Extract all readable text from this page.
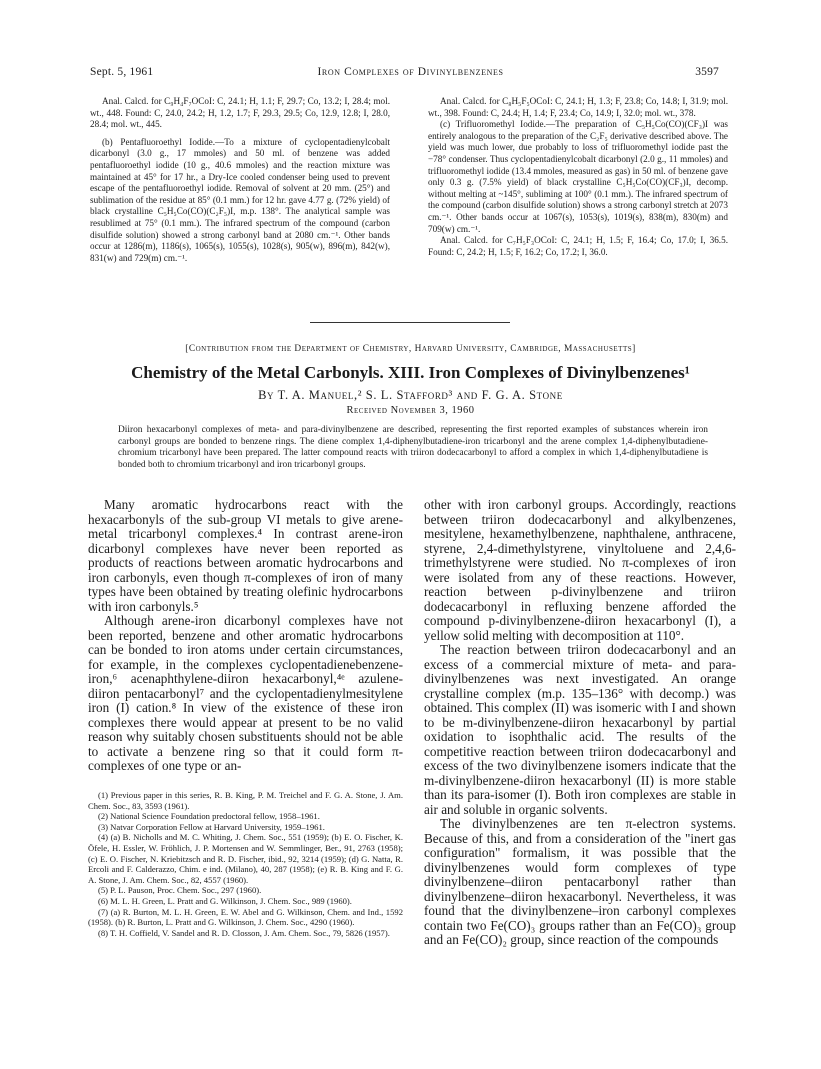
Sept. 5, 1961	Iron Complexes of Divinylbenzenes	3597

Anal. Calcd. for C₉H₄F₇OCoI: C, 24.1; H, 1.1; F, 29.7; Co, 13.2; I, 28.4; mol. wt., 448. Found: C, 24.0, 24.2; H, 1.2, 1.7; F, 29.3, 29.5; Co, 12.9, 12.8; I, 28.0, 28.4; mol. wt., 445.

(b) Pentafluoroethyl Iodide.—To a mixture of cyclopentadienylcobalt dicarbonyl (3.0 g., 17 mmoles) and 50 ml. of benzene was added pentafluoroethyl iodide (10 g., 40.6 mmoles) and the reaction mixture was maintained at 45° for 17 hr., a Dry-Ice cooled condenser being used to prevent escape of the pentafluoroethyl iodide. Removal of solvent at 20 mm. (25°) and sublimation of the residue at 85° (0.1 mm.) for 12 hr. gave 4.77 g. (72% yield) of black crystalline C₅H₅Co(CO)(C₂F₅)I, m.p. 138°. The analytical sample was resublimed at 75° (0.1 mm.). The infrared spectrum of the compound (carbon disulfide solution) showed a strong carbonyl band at 2080 cm.⁻¹. Other bands occur at 1286(m), 1186(s), 1065(s), 1055(s), 1028(s), 905(w), 896(m), 842(w), 831(w) and 729(m) cm.⁻¹.

Anal. Calcd. for C₈H₅F₅OCoI: C, 24.1; H, 1.3; F, 23.8; Co, 14.8; I, 31.9; mol. wt., 398. Found: C, 24.4; H, 1.4; F, 23.4; Co, 14.9; I, 32.0; mol. wt., 378.

(c) Trifluoromethyl Iodide.—The preparation of C₅H₅Co(CO)(CF₃)I was entirely analogous to the preparation of the C₂F₅ derivative described above. The yield was much lower, due probably to loss of trifluoromethyl iodide past the −78° condenser. Thus cyclopentadienylcobalt dicarbonyl (2.0 g., 11 mmoles) and trifluoromethyl iodide (13.4 mmoles, measured as gas) in 50 ml. of benzene gave only 0.3 g. (7.5% yield) of black crystalline C₅H₅Co(CO)(CF₃)I, decomp. without melting at ~145°, subliming at 100° (0.1 mm.). The infrared spectrum of the compound (carbon disulfide solution) shows a strong carbonyl stretch at 2073 cm.⁻¹. Other bands occur at 1067(s), 1053(s), 1019(s), 838(m), 830(m) and 709(w) cm.⁻¹.

Anal. Calcd. for C₇H₅F₃OCoI: C, 24.1; H, 1.5; F, 16.4; Co, 17.0; I, 36.5. Found: C, 24.2; H, 1.5; F, 16.2; Co, 17.2; I, 36.0.

[Contribution from the Department of Chemistry, Harvard University, Cambridge, Massachusetts]
Chemistry of the Metal Carbonyls. XIII. Iron Complexes of Divinylbenzenes¹
By T. A. Manuel,² S. L. Stafford³ and F. G. A. Stone
Received November 3, 1960
Diiron hexacarbonyl complexes of meta- and para-divinylbenzene are described, representing the first reported examples of substances wherein iron carbonyl groups are bonded to benzene rings. The diene complex 1,4-diphenylbutadiene-iron tricarbonyl and the arene complex 1,4-diphenylbutadiene-chromium tricarbonyl have been prepared. The latter compound reacts with triiron dodecacarbonyl to afford a complex in which 1,4-diphenylbutadiene is bonded both to chromium tricarbonyl and iron tricarbonyl groups.

Many aromatic hydrocarbons react with the hexacarbonyls of the sub-group VI metals to give arene-metal tricarbonyl complexes.⁴ In contrast arene-iron dicarbonyl complexes have never been reported as products of reactions between aromatic hydrocarbons and iron carbonyls, even though π-complexes of iron of many types have been obtained by treating olefinic hydrocarbons with iron carbonyls.⁵

Although arene-iron dicarbonyl complexes have not been reported, benzene and other aromatic hydrocarbons can be bonded to iron atoms under certain circumstances, for example, in the complexes cyclopentadienebenzene-iron,⁶ acenaphthylene-diiron hexacarbonyl,⁴ᵉ azulene-diiron pentacarbonyl⁷ and the cyclopentadienylmesitylene iron (I) cation.⁸ In view of the existence of these iron complexes there would appear at present to be no valid reason why suitably chosen substituents should not be able to activate a benzene ring so that it could form π-complexes of one type or an-

other with iron carbonyl groups. Accordingly, reactions between triiron dodecacarbonyl and alkylbenzenes, mesitylene, hexamethylbenzene, naphthalene, anthracene, styrene, 2,4-dimethylstyrene, vinyltoluene and 2,4,6-trimethylstyrene were studied. No π-complexes of iron were isolated from any of these reactions. However, reaction between p-divinylbenzene and triiron dodecacarbonyl in refluxing benzene afforded the compound p-divinylbenzene-diiron hexacarbonyl (I), a yellow solid melting with decomposition at 110°.

The reaction between triiron dodecacarbonyl and an excess of a commercial mixture of meta- and para-divinylbenzenes was next investigated. An orange crystalline complex (m.p. 135–136° with decomp.) was obtained. This complex (II) was isomeric with I and shown to be m-divinylbenzene-diiron hexacarbonyl by partial oxidation to isophthalic acid. The results of the competitive reaction between triiron dodecacarbonyl and excess of the two divinylbenzene isomers indicate that the m-divinylbenzene-diiron hexacarbonyl (II) is more stable than its para-isomer (I). Both iron complexes are stable in air and soluble in organic solvents.

The divinylbenzenes are ten π-electron systems. Because of this, and from a consideration of the "inert gas configuration" formalism, it was possible that the divinylbenzenes would form complexes of type divinylbenzene–diiron pentacarbonyl rather than divinylbenzene–diiron hexacarbonyl. Nevertheless, it was found that the divinylbenzene–iron carbonyl complexes contain two Fe(CO)₃ groups rather than an Fe(CO)₃ group and an Fe(CO)₂ group, since reaction of the compounds

(1) Previous paper in this series, R. B. King, P. M. Treichel and F. G. A. Stone, J. Am. Chem. Soc., 83, 3593 (1961).

(2) National Science Foundation predoctoral fellow, 1958–1961.

(3) Natvar Corporation Fellow at Harvard University, 1959–1961.

(4) (a) B. Nicholls and M. C. Whiting, J. Chem. Soc., 551 (1959); (b) E. O. Fischer, K. Öfele, H. Essler, W. Fröhlich, J. P. Mortensen and W. Semmlinger, Ber., 91, 2763 (1958); (c) E. O. Fischer, N. Kriebitzsch and R. D. Fischer, ibid., 92, 3214 (1959); (d) G. Natta, R. Ercoli and F. Calderazzo, Chim. e ind. (Milano), 40, 287 (1958); (e) R. B. King and F. G. A. Stone, J. Am. Chem. Soc., 82, 4557 (1960).

(5) P. L. Pauson, Proc. Chem. Soc., 297 (1960).

(6) M. L. H. Green, L. Pratt and G. Wilkinson, J. Chem. Soc., 989 (1960).

(7) (a) R. Burton, M. L. H. Green, E. W. Abel and G. Wilkinson, Chem. and Ind., 1592 (1958). (b) R. Burton, L. Pratt and G. Wilkinson, J. Chem. Soc., 4290 (1960).

(8) T. H. Coffield, V. Sandel and R. D. Closson, J. Am. Chem. Soc., 79, 5826 (1957).
